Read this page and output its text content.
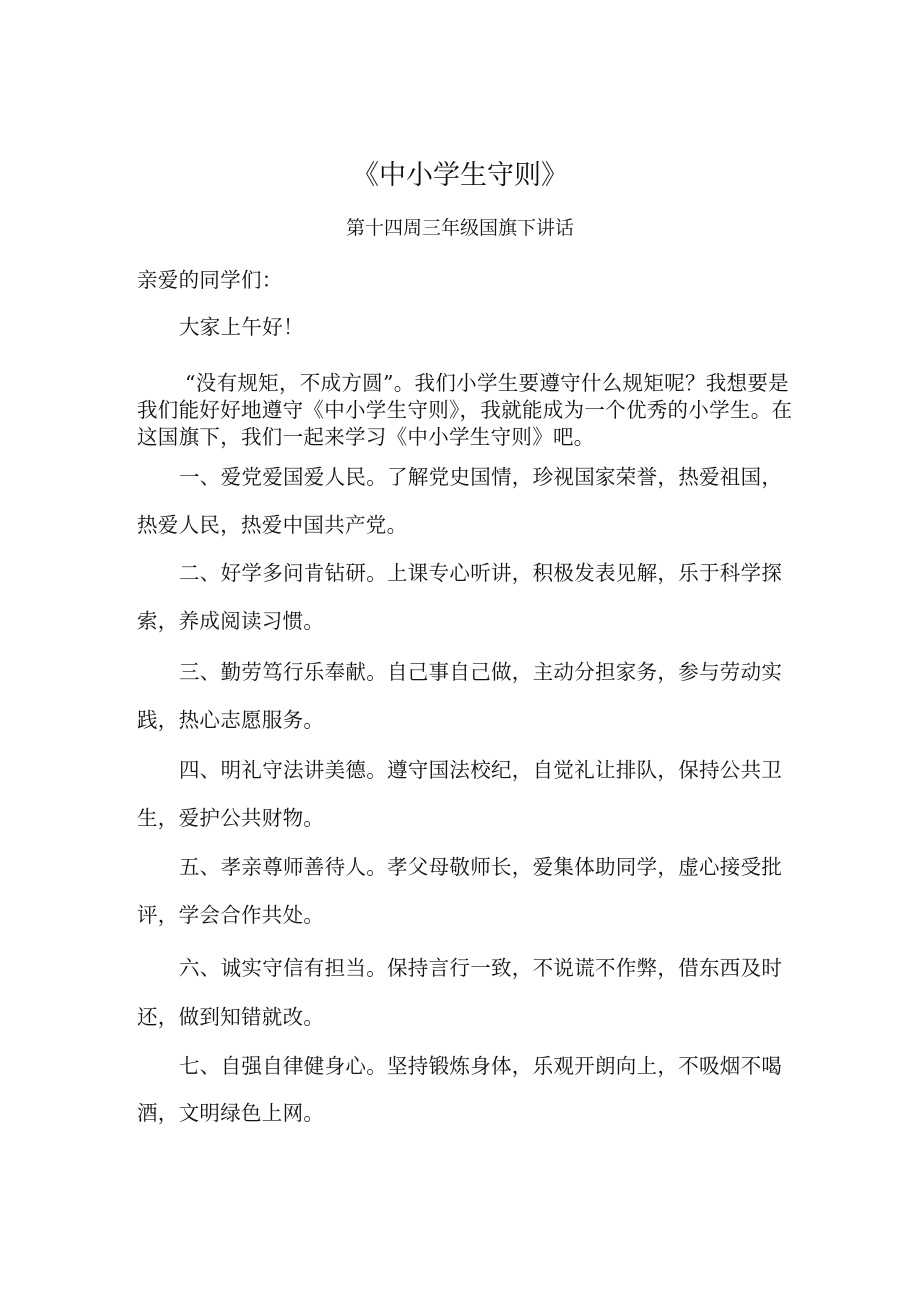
《中小学生守则》
第十四周三年级国旗下讲话
亲爱的同学们：
大家上午好！
“没有规矩，不成方圆”。我们小学生要遵守什么规矩呢？我想要是
我们能好好地遵守《中小学生守则》，我就能成为一个优秀的小学生。在
这国旗下，我们一起来学习《中小学生守则》吧。
一、爱党爱国爱人民。了解党史国情，珍视国家荣誉，热爱祖国，
热爱人民，热爱中国共产党。
二、好学多问肯钻研。上课专心听讲，积极发表见解，乐于科学探
索，养成阅读习惯。
三、勤劳笃行乐奉献。自己事自己做，主动分担家务，参与劳动实
践，热心志愿服务。
四、明礼守法讲美德。遵守国法校纪，自觉礼让排队，保持公共卫
生，爱护公共财物。
五、孝亲尊师善待人。孝父母敬师长，爱集体助同学，虚心接受批
评，学会合作共处。
六、诚实守信有担当。保持言行一致，不说谎不作弊，借东西及时
还，做到知错就改。
七、自强自律健身心。坚持锻炼身体，乐观开朗向上，不吸烟不喝
酒，文明绿色上网。
